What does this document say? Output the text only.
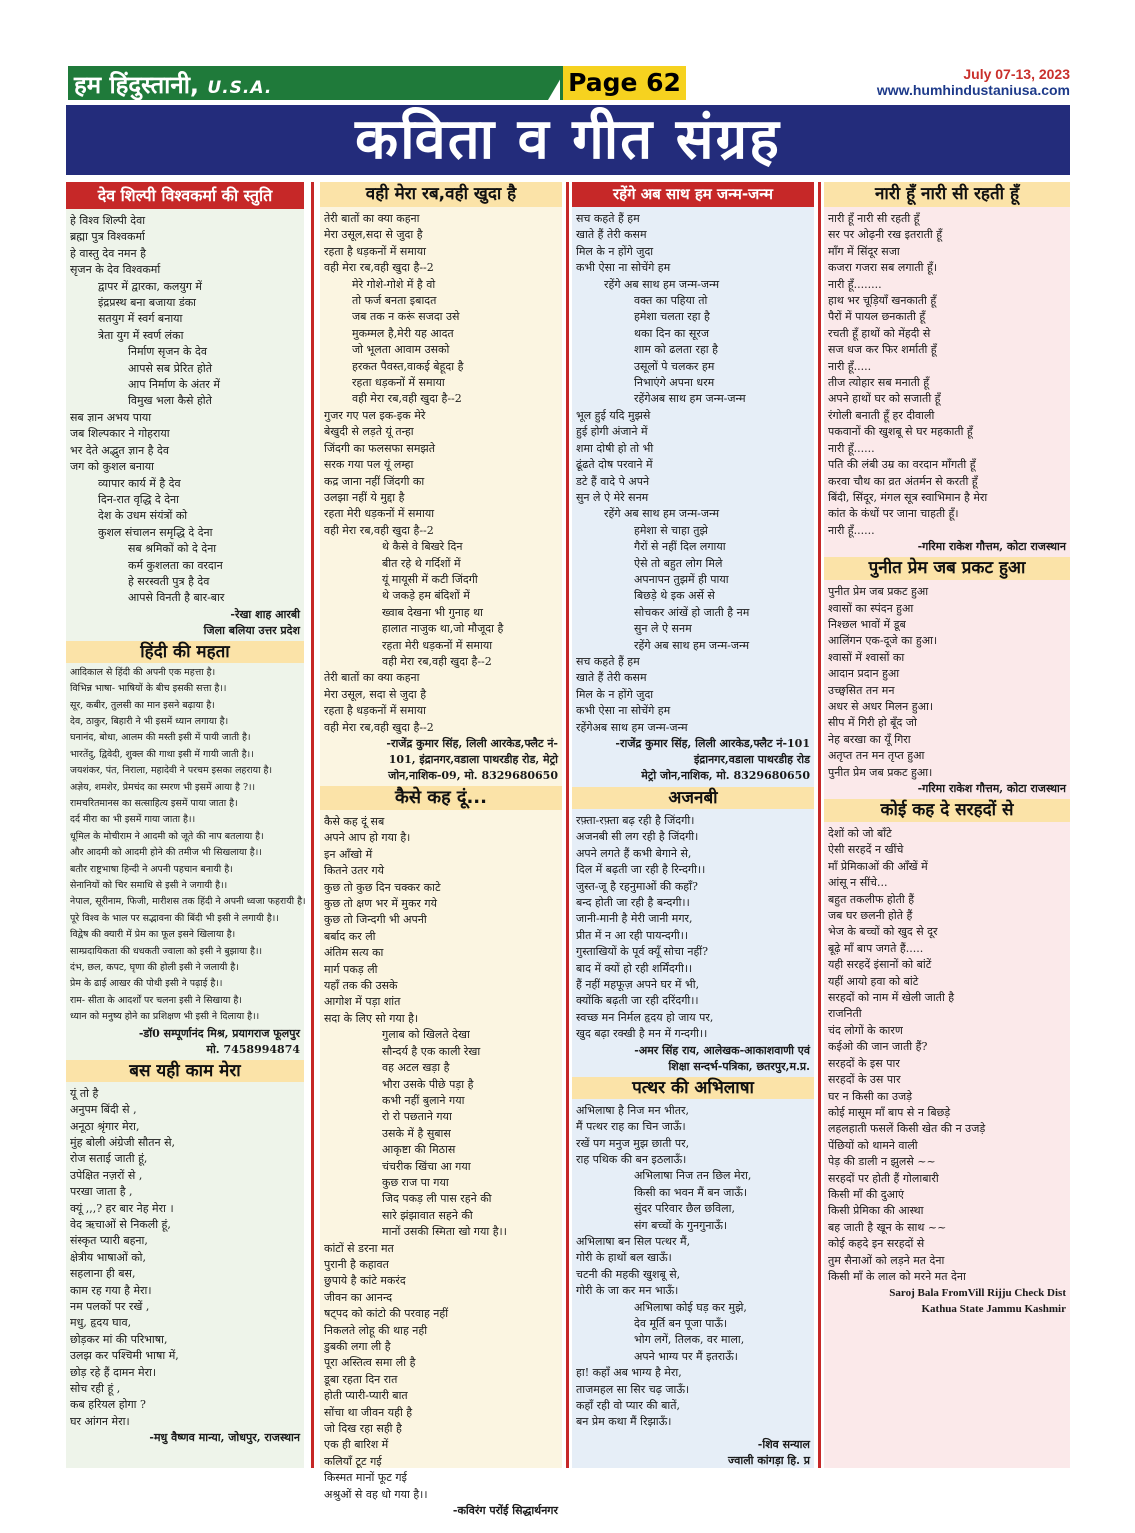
हम हिंदुस्तानी, U.S.A.	Page 62	July 07-13, 2023
www.humhindustaniusa.com
कविता व गीत संग्रह
देव शिल्पी विश्वकर्मा की स्तुति
हे विश्व शिल्पी देवा
ब्रह्मा पुत्र विश्वकर्मा
हे वास्तु देव नमन है
सृजन के देव विश्वकर्मा
द्वापर में द्वारका, कलयुग में
इंद्रप्रस्थ बना बजाया डंका
सतयुग में स्वर्ग बनाया
त्रेता युग में स्वर्ण लंका
निर्माण सृजन के देव
आपसे सब प्रेरित होते
आप निर्माण के अंतर में
विमुख भला कैसे होते
सब ज्ञान अभय पाया
जब शिल्पकार ने गोहराया
भर देते अद्भुत ज्ञान है देव
जग को कुशल बनाया
व्यापार कार्य में है देव
दिन-रात वृद्धि दे देना
देश के उधम संयंत्रों को
कुशल संचालन समृद्धि दे देना
सब श्रमिकों को दे देना
कर्म कुशलता का वरदान
हे सरस्वती पुत्र है देव
आपसे विनती है बार-बार
-रेखा शाह आरबी
जिला बलिया उत्तर प्रदेश
हिंदी की महता
आदिकाल से हिंदी की अपनी एक महत्ता है।
विभिन्न भाषा- भाषियों के बीच इसकी सत्ता है।।
सूर, कबीर, तुलसी का मान इसने बढ़ाया है।
देव, ठाकुर, बिहारी ने भी इसमें ध्यान लगाया है।
घनानंद, बोधा, आलम की मस्ती इसी में पायी जाती है।
भारतेंदु, द्विवेदी, शुक्ल की गाथा इसी में गायी जाती है।।
जयशंकर, पंत, निराला, महादेवी ने परचम इसका लहराया है।
अज्ञेय, शमशेर, प्रेमचंद का स्मरण भी इसमें आया है ?।।
रामचरितमानस का सत्साहित्य इसमें पाया जाता है।
दर्द मीरा का भी इसमें गाया जाता है।।
धूमिल के मोचीराम ने आदमी को जूते की नाप बतलाया है।
और आदमी को आदमी होने की तमीज भी सिखलाया है।।
बतौर राष्ट्रभाषा हिन्दी ने अपनी पहचान बनायी है।
सेनानियों को चिर समाधि से इसी ने जगायी है।।
नेपाल, सूरीनाम, फिजी, मारीशस तक हिंदी ने अपनी ध्वजा फहरायी है।
पूरे विश्व के भाल पर सद्भावना की बिंदी भी इसी ने लगायी है।।
विद्वेष की क्यारी में प्रेम का फूल इसने खिलाया है।
साम्प्रदायिकता की धधकती ज्वाला को इसी ने बुझाया है।।
दंभ, छल, कपट, घृणा की होली इसी ने जलायी है।
प्रेम के ढाई आखर की पोथी इसी ने पढ़ाई है।।
राम- सीता के आदर्शों पर चलना इसी ने सिखाया है।
ध्यान को मनुष्य होने का प्रशिक्षण भी इसी ने दिलाया है।।
-डॉ0 सम्पूर्णानंद मिश्र, प्रयागराज फूलपुर
मो. 7458994874
बस यही काम मेरा
यूं तो है
अनुपम बिंदी से ,
अनूठा श्रृंगार मेरा,
मुंह बोली अंग्रेजी सौतन से,
रोज सताई जाती हूं,
उपेक्षित नज़रों से ,
परखा जाता है ,
क्यूं ,,,? हर बार नेह मेरा ।
वेद ऋचाओं से निकली हूं,
संस्कृत प्यारी बहना,
क्षेत्रीय भाषाओं को,
सहलाना ही बस,
काम रह गया है मेरा।
नम पलकों पर रखें ,
मधु, हृदय घाव,
छोड़कर मां की परिभाषा,
उलझ कर पश्चिमी भाषा में,
छोड़ रहे हैं दामन मेरा।
सोच रही हूं ,
कब हरियल होगा ?
घर आंगन मेरा।
-मधु वैष्णव मान्या, जोधपुर, राजस्थान
वही मेरा रब,वही खुदा है
तेरी बातों का क्या कहना
मेरा उसूल,सदा से जुदा है
रहता है धड़कनों में समाया
वही मेरा रब,वही खुदा है--2
मेरे गोशे-गोशे में है वो
तो फर्ज बनता इबादत
जब तक न करूं सजदा उसे
मुकम्मल है,मेरी यह आदत
जो भूलता आवाम उसको
हरकत पैवस्त,वाकई बेहूदा है
रहता धड़कनों में समाया
वही मेरा रब,वही खुदा है--2
गुजर गए पल इक-इक मेरे
बेखुदी से लड़ते यूं तन्हा
जिंदगी का फलसफा समझते
सरक गया पल यूं लम्हा
कद्र जाना नहीं जिंदगी का
उलझा नहीं ये मुद्दा है
रहता मेरी धड़कनों में समाया
वही मेरा रब,वही खुदा है--2
थे कैसे वे बिखरे दिन
बीत रहे थे गर्दिशों में
यूं मायूसी में कटी जिंदगी
थे जकड़े हम बंदिशों में
ख्वाब देखना भी गुनाह था
हालात नाजुक था,जो मौजूदा है
रहता मेरी धड़कनों में समाया
वही मेरा रब,वही खुदा है--2
तेरी बातों का क्या कहना
मेरा उसूल, सदा से जुदा है
रहता है धड़कनों में समाया
वही मेरा रब,वही खुदा है--2
-राजेंद्र कुमार सिंह, लिली आरकेड,फ्लैट नं-
101, इंद्रानगर,वडाला पाथरडीह रोड, मेट्रो
जोन,नाशिक-09, मो. 8329680650
कैसे कह दूं...
कैसे कह दूं सब
अपने आप हो गया है।
इन आँखो में
कितने उतर गये
कुछ तो कुछ दिन चक्कर काटे
कुछ तो क्षण भर में मुकर गये
कुछ तो जिन्दगी भी अपनी
बर्बाद कर ली
अंतिम सत्य का
मार्ग पकड़ ली
यहाँ तक की उसके
आगोश में पड़ा शांत
सदा के लिए सो गया है।
गुलाब को खिलते देखा
सौन्दर्य है एक काली रेखा
वह अटल खड़ा है
भौरा उसके पीछे पड़ा है
कभी नहीं बुलाने गया
रो रो पछताने गया
उसके में है सुबास
आकृष्टा की मिठास
चंचरीक खिंचा आ गया
कुछ राज पा गया
जिद पकड़ ली पास रहने की
सारे झंझावात सहने की
मानों उसकी स्मिता खो गया है।।
कांटों से डरना मत
पुरानी है कहावत
छुपाये है कांटे मकरंद
जीवन का आनन्द
षट्पद को कांटो की परवाह नहीं
निकलते लोहू की थाह नही
डुबकी लगा ली है
पूरा अस्तित्व समा ली है
डूबा रहता दिन रात
होती प्यारी-प्यारी बात
सोंचा था जीवन यही है
जो दिख रहा सही है
एक ही बारिश में
कलियाँ टूट गई
किस्मत मानों फूट गई
अश्रुओं से वह धो गया है।।
-कविरंग परोंई सिद्धार्थनगर
रहेंगे अब साथ हम जन्म-जन्म
सच कहते हैं हम
खाते हैं तेरी कसम
मिल के न होंगे जुदा
कभी ऐसा ना सोचेंगे हम
रहेंगे अब साथ हम जन्म-जन्म
वक्त का पहिया तो
हमेशा चलता रहा है
थका दिन का सूरज
शाम को ढलता रहा है
उसूलों पे चलकर हम
निभाएंगे अपना धरम
रहेंगेअब साथ हम जन्म-जन्म
भूल हुई यदि मुझसे
हुई होगी अंजाने में
शमा दोषी हो तो भी
ढूंढते दोष परवाने में
डटे हैं वादे पे अपने
सुन ले ऐ मेरे सनम
रहेंगे अब साथ हम जन्म-जन्म
हमेशा से चाहा तुझे
गैरों से नहीं दिल लगाया
ऐसे तो बहुत लोग मिले
अपनापन तुझमें ही पाया
बिछड़े थे इक अर्से से
सोचकर आंखें हो जाती है नम
सुन ले ऐ सनम
रहेंगे अब साथ हम जन्म-जन्म
सच कहते हैं हम
खाते हैं तेरी कसम
मिल के न होंगे जुदा
कभी ऐसा ना सोचेंगे हम
रहेंगेअब साथ हम जन्म-जन्म
-राजेंद्र कुमार सिंह, लिली आरकेड,फ्लैट नं-101
इंद्रानगर,वडाला पाथरडीह रोड
मेट्रो जोन,नाशिक, मो. 8329680650
अजनबी
रफ़्ता-रफ़्ता बढ़ रही है जिंदगी।
अजनबी सी लग रही है जिंदगी।
अपने लगते हैं कभी बेगाने से,
दिल में बढ़ती जा रही है रिन्दगी।।
जुस्त-जू है रहनुमाओं की कहाँ?
बन्द होती जा रही है बन्दगी।।
जानी-मानी है मेरी जानी मगर,
प्रीत में न आ रही पायन्दगी।।
गुस्ताखियों के पूर्व क्यूँ सोचा नहीं?
बाद में क्यों हो रही शर्मिंदगी।।
हैं नहीं महफूज़ अपने घर में भी,
क्योंकि बढ़ती जा रही दरिंदगी।।
स्वच्छ मन निर्मल हृदय हो जाय पर,
खुद बढ़ा रक्खी है मन में गन्दगी।।
-अमर सिंह राय, आलेखक-आकाशवाणी एवं
शिक्षा सन्दर्भ-पत्रिका, छतरपुर,म.प्र.
पत्थर की अभिलाषा
अभिलाषा है निज मन भीतर,
मैं पत्थर राह का चिन जाऊँ।
रखें पग मनुज मुझ छाती पर,
राह पथिक की बन इठलाऊँ।
अभिलाषा निज तन छिल मेरा,
किसी का भवन मैं बन जाऊँ।
सुंदर परिवार छैल छविला,
संग बच्चों के गुनगुनाऊँ।
अभिलाषा बन सिल पत्थर मैं,
गोरी के हाथों बल खाऊँ।
चटनी की महकी खुशबू से,
गोरी के जा कर मन भाऊँ।
अभिलाषा कोई घड़ कर मुझे,
देव मूर्ति बन पूजा पाऊँ।
भोग लगें, तिलक, वर माला,
अपने भाग्य पर मैं इतराऊँ।
हा! कहाँ अब भाग्य है मेरा,
ताजमहल सा सिर चढ़ जाऊँ।
कहाँ रही वो प्यार की बातें,
बन प्रेम कथा मैं रिझाऊँ।
-शिव सन्याल
ज्वाली कांगड़ा हि. प्र
नारी हूँ नारी सी रहती हूँ
नारी हूँ नारी सी रहती हूँ
सर पर ओढ़नी रख इतराती हूँ
माँग में सिंदूर सजा
कजरा गजरा सब लगाती हूँ।
नारी हूँ........
हाथ भर चूड़ियाँ खनकाती हूँ
पैरों में पायल छनकाती हूँ
रचती हूँ हाथों को मेंहदी से
सज धज कर फिर शर्माती हूँ
नारी हूँ.....
तीज त्योहार सब मनाती हूँ
अपने हाथों घर को सजाती हूँ
रंगोली बनाती हूँ हर दीवाली
पकवानों की खुशबू से घर महकाती हूँ
नारी हूँ......
पति की लंबी उम्र का वरदान माँगती हूँ
करवा चौथ का व्रत अंतर्मन से करती हूँ
बिंदी, सिंदूर, मंगल सूत्र स्वाभिमान है मेरा
कांत के कंधों पर जाना चाहती हूँ।
नारी हूँ......
-गरिमा राकेश गौत्तम, कोटा राजस्थान
पुनीत प्रेम जब प्रकट हुआ
पुनीत प्रेम जब प्रकट हुआ
श्वासों का स्पंदन हुआ
निश्छल भावों में डूब
आलिंगन एक-दूजे का हुआ।
श्वासों में श्वासों का
आदान प्रदान हुआ
उच्छ्वसित तन मन
अधर से अधर मिलन हुआ।
सीप में गिरी हो बूँद जो
नेह बरखा का यूँ गिरा
अतृप्त तन मन तृप्त हुआ
पुनीत प्रेम जब प्रकट हुआ।
-गरिमा राकेश गौत्तम, कोटा राजस्थान
कोई कह दे सरहदों से
देशों को जो बाँटे
ऐसी सरहदें न खींचे
माँ प्रेमिकाओं की आँखें में
आंसू न सींचे...
बहुत तकलीफ होती हैं
जब घर छलनी होते हैं
भेज के बच्चों को खुद से दूर
बूढ़े माँ बाप जगते हैं.....
यही सरहदें इंसानों को बांटें
यहीं आयो हवा को बांटे
सरहदों को नाम में खेली जाती है
राजनिती
चंद लोगों के कारण
कईओ की जान जाती हैं?
सरहदों के इस पार
सरहदों के उस पार
घर न किसी का उजड़े
कोई मासूम माँ बाप से न बिछड़े
लहलहाती फसलें किसी खेत की न उजड़े
पेंछियों को थामने वाली
पेड़ की डाली न झुलसे ~~
सरहदों पर होती हैं गोलाबारी
किसी माँ की दुआएं
किसी प्रेमिका की आस्था
बह जाती है खून के साथ ~~
कोई कहदे इन सरहदों से
तुम सैनाओं को लड़ने मत देना
किसी माँ के लाल को मरने मत देना
Saroj Bala FromVill Rijju Check Dist
Kathua State Jammu Kashmir
